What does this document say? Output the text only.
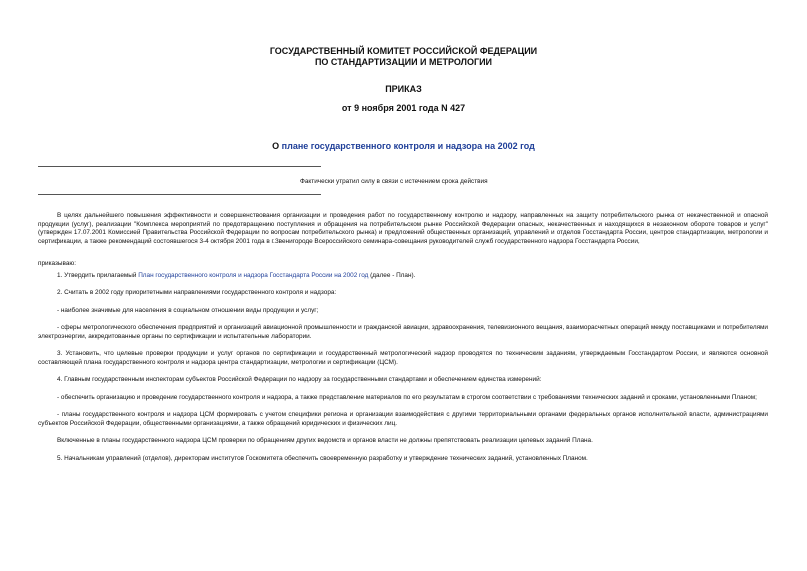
ГОСУДАРСТВЕННЫЙ КОМИТЕТ РОССИЙСКОЙ ФЕДЕРАЦИИ
ПО СТАНДАРТИЗАЦИИ И МЕТРОЛОГИИ
ПРИКАЗ
от 9 ноября 2001 года N 427
О плане государственного контроля и надзора на 2002 год
Фактически утратил силу в связи с истечением срока действия

В целях дальнейшего повышения эффективности и совершенствования организации и проведения работ по государственному контролю и надзору, направленных на защиту потребительского рынка от некачественной и опасной продукции (услуг), реализации "Комплекса мероприятий по предотвращению поступления и обращения на потребительском рынке Российской Федерации опасных, некачественных и находящихся в незаконном обороте товаров и услуг" (утвержден 17.07.2001 Комиссией Правительства Российской Федерации по вопросам потребительского рынка) и предложений общественных организаций, управлений и отделов Госстандарта России, центров стандартизации, метрологии и сертификации, а также рекомендаций состоявшегося 3-4 октября 2001 года в г.Звенигороде Всероссийского семинара-совещания руководителей служб государственного надзора Госстандарта России,

приказываю:

1. Утвердить прилагаемый План государственного контроля и надзора Госстандарта России на 2002 год (далее - План).

2. Считать в 2002 году приоритетными направлениями государственного контроля и надзора:

- наиболее значимые для населения в социальном отношении виды продукции и услуг;

- сферы метрологического обеспечения предприятий и организаций авиационной промышленности и гражданской авиации, здравоохранения, телевизионного вещания, взаиморасчетных операций между поставщиками и потребителями электроэнергии, аккредитованные органы по сертификации и испытательные лаборатории.

3. Установить, что целевые проверки продукции и услуг органов по сертификации и государственный метрологический надзор проводятся по техническим заданиям, утверждаемым Госстандартом России, и являются основной составляющей плана государственного контроля и надзора центра стандартизации, метрологии и сертификации (ЦСМ).

4. Главным государственным инспекторам субъектов Российской Федерации по надзору за государственными стандартами и обеспечением единства измерений:

- обеспечить организацию и проведение государственного контроля и надзора, а также представление материалов по его результатам в строгом соответствии с требованиями технических заданий и сроками, установленными Планом;

- планы государственного контроля и надзора ЦСМ формировать с учетом специфики региона и организации взаимодействия с другими территориальными органами федеральных органов исполнительной власти, администрациями субъектов Российской Федерации, общественными организациями, а также обращений юридических и физических лиц.

Включенные в планы государственного надзора ЦСМ проверки по обращениям других ведомств и органов власти не должны препятствовать реализации целевых заданий Плана.

5. Начальникам управлений (отделов), директорам институтов Госкомитета обеспечить своевременную разработку и утверждение технических заданий, установленных Планом.
